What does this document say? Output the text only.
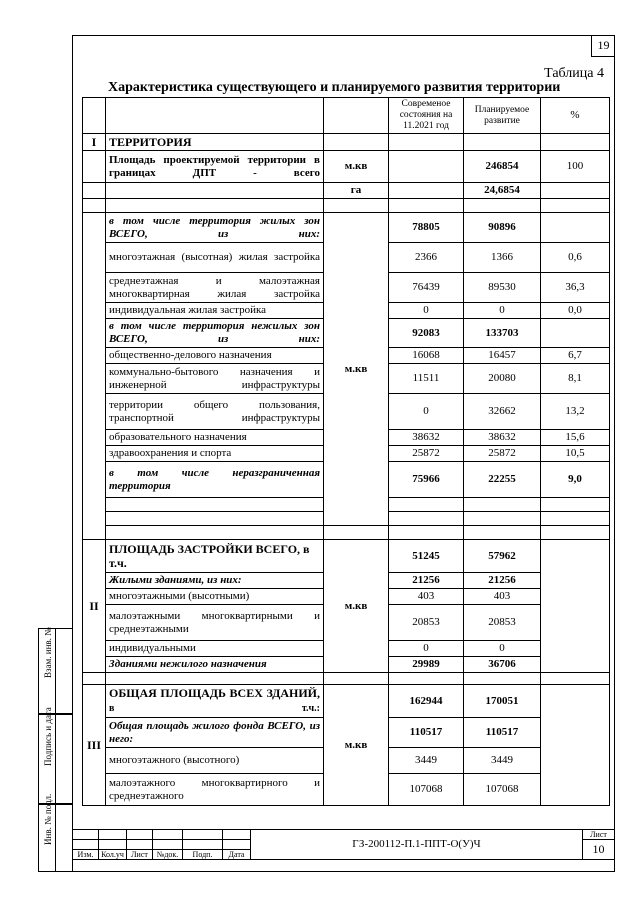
19
Таблица 4
Характеристика существующего и планируемого развития территории
			Современое состояния на 11.2021 год	Планируемое развитие	%
I	ТЕРРИТОРИЯ				
	Площадь проектируемой территории в границах ДПТ - всего	м.кв		246854	100
		га		24,6854	

	в том числе территория жилых зон ВСЕГО, из них:	м.кв	78805	90896	
	многоэтажная (высотная) жилая застройка		2366	1366	0,6
	среднеэтажная и малоэтажная многоквартирная жилая застройка		76439	89530	36,3
	индивидуальная жилая застройка		0	0	0,0
	в том числе территория нежилых зон ВСЕГО, из них:		92083	133703	
	общественно-делового назначения		16068	16457	6,7
	коммунально-бытового назначения и инженерной инфраструктуры		11511	20080	8,1
	территории общего пользования, транспортной инфраструктуры		0	32662	13,2
	образовательного назначения		38632	38632	15,6
	здравоохранения и спорта		25872	25872	10,5
	в том числе неразграниченная территория		75966	22255	9,0

II	ПЛОЩАДЬ ЗАСТРОЙКИ ВСЕГО, в т.ч.	м.кв	51245	57962	
	Жилыми зданиями, из них:		21256	21256	
	многоэтажными (высотными)		403	403	
	малоэтажными многоквартирными и среднеэтажными		20853	20853	
	индивидуальными		0	0	
	Зданиями нежилого назначения		29989	36706	

III	ОБЩАЯ ПЛОЩАДЬ ВСЕХ ЗДАНИЙ, в т.ч.:	м.кв	162944	170051	
	Общая площадь жилого фонда ВСЕГО, из него:		110517	110517	
	многоэтажного (высотного)		3449	3449	
	малоэтажного многоквартирного и среднеэтажного		107068	107068	
Взам. инв. №
Подпись и дата
Инв. № подл.
							ГЗ-200112-П.1-ППТ-О(У)Ч	Лист
							10
Изм.	Кол.уч	Лист	№док.	Подп.	Дата		
